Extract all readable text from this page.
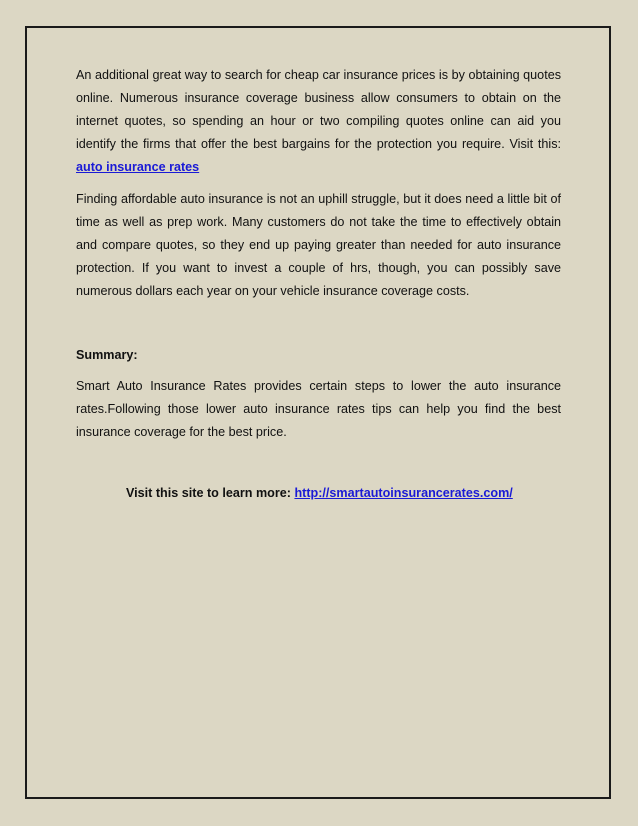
An additional great way to search for cheap car insurance prices is by obtaining quotes online. Numerous insurance coverage business allow consumers to obtain on the internet quotes, so spending an hour or two compiling quotes online can aid you identify the firms that offer the best bargains for the protection you require. Visit this: auto insurance rates

Finding affordable auto insurance is not an uphill struggle, but it does need a little bit of time as well as prep work. Many customers do not take the time to effectively obtain and compare quotes, so they end up paying greater than needed for auto insurance protection. If you want to invest a couple of hrs, though, you can possibly save numerous dollars each year on your vehicle insurance coverage costs.

Summary:

Smart Auto Insurance Rates provides certain steps to lower the auto insurance rates.Following those lower auto insurance rates tips can help you find the best insurance coverage for the best price.

Visit this site to learn more: http://smartautoinsurancerates.com/
